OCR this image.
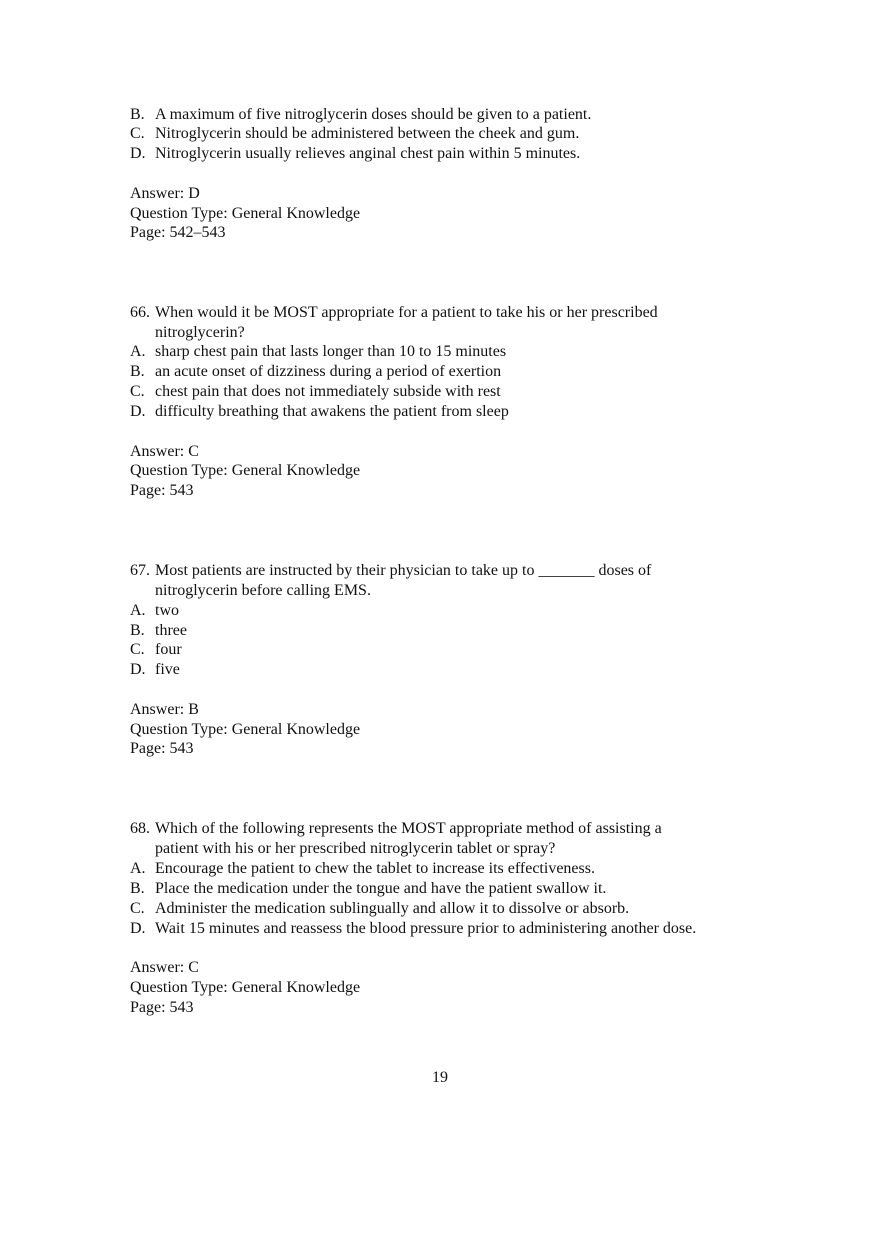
B. A maximum of five nitroglycerin doses should be given to a patient.
C. Nitroglycerin should be administered between the cheek and gum.
D. Nitroglycerin usually relieves anginal chest pain within 5 minutes.
Answer: D
Question Type: General Knowledge
Page: 542–543
66. When would it be MOST appropriate for a patient to take his or her prescribed
nitroglycerin?
A. sharp chest pain that lasts longer than 10 to 15 minutes
B. an acute onset of dizziness during a period of exertion
C. chest pain that does not immediately subside with rest
D. difficulty breathing that awakens the patient from sleep
Answer: C
Question Type: General Knowledge
Page: 543
67. Most patients are instructed by their physician to take up to _______ doses of
nitroglycerin before calling EMS.
A. two
B. three
C. four
D. five
Answer: B
Question Type: General Knowledge
Page: 543
68. Which of the following represents the MOST appropriate method of assisting a
patient with his or her prescribed nitroglycerin tablet or spray?
A. Encourage the patient to chew the tablet to increase its effectiveness.
B. Place the medication under the tongue and have the patient swallow it.
C. Administer the medication sublingually and allow it to dissolve or absorb.
D. Wait 15 minutes and reassess the blood pressure prior to administering another dose.
Answer: C
Question Type: General Knowledge
Page: 543
19
